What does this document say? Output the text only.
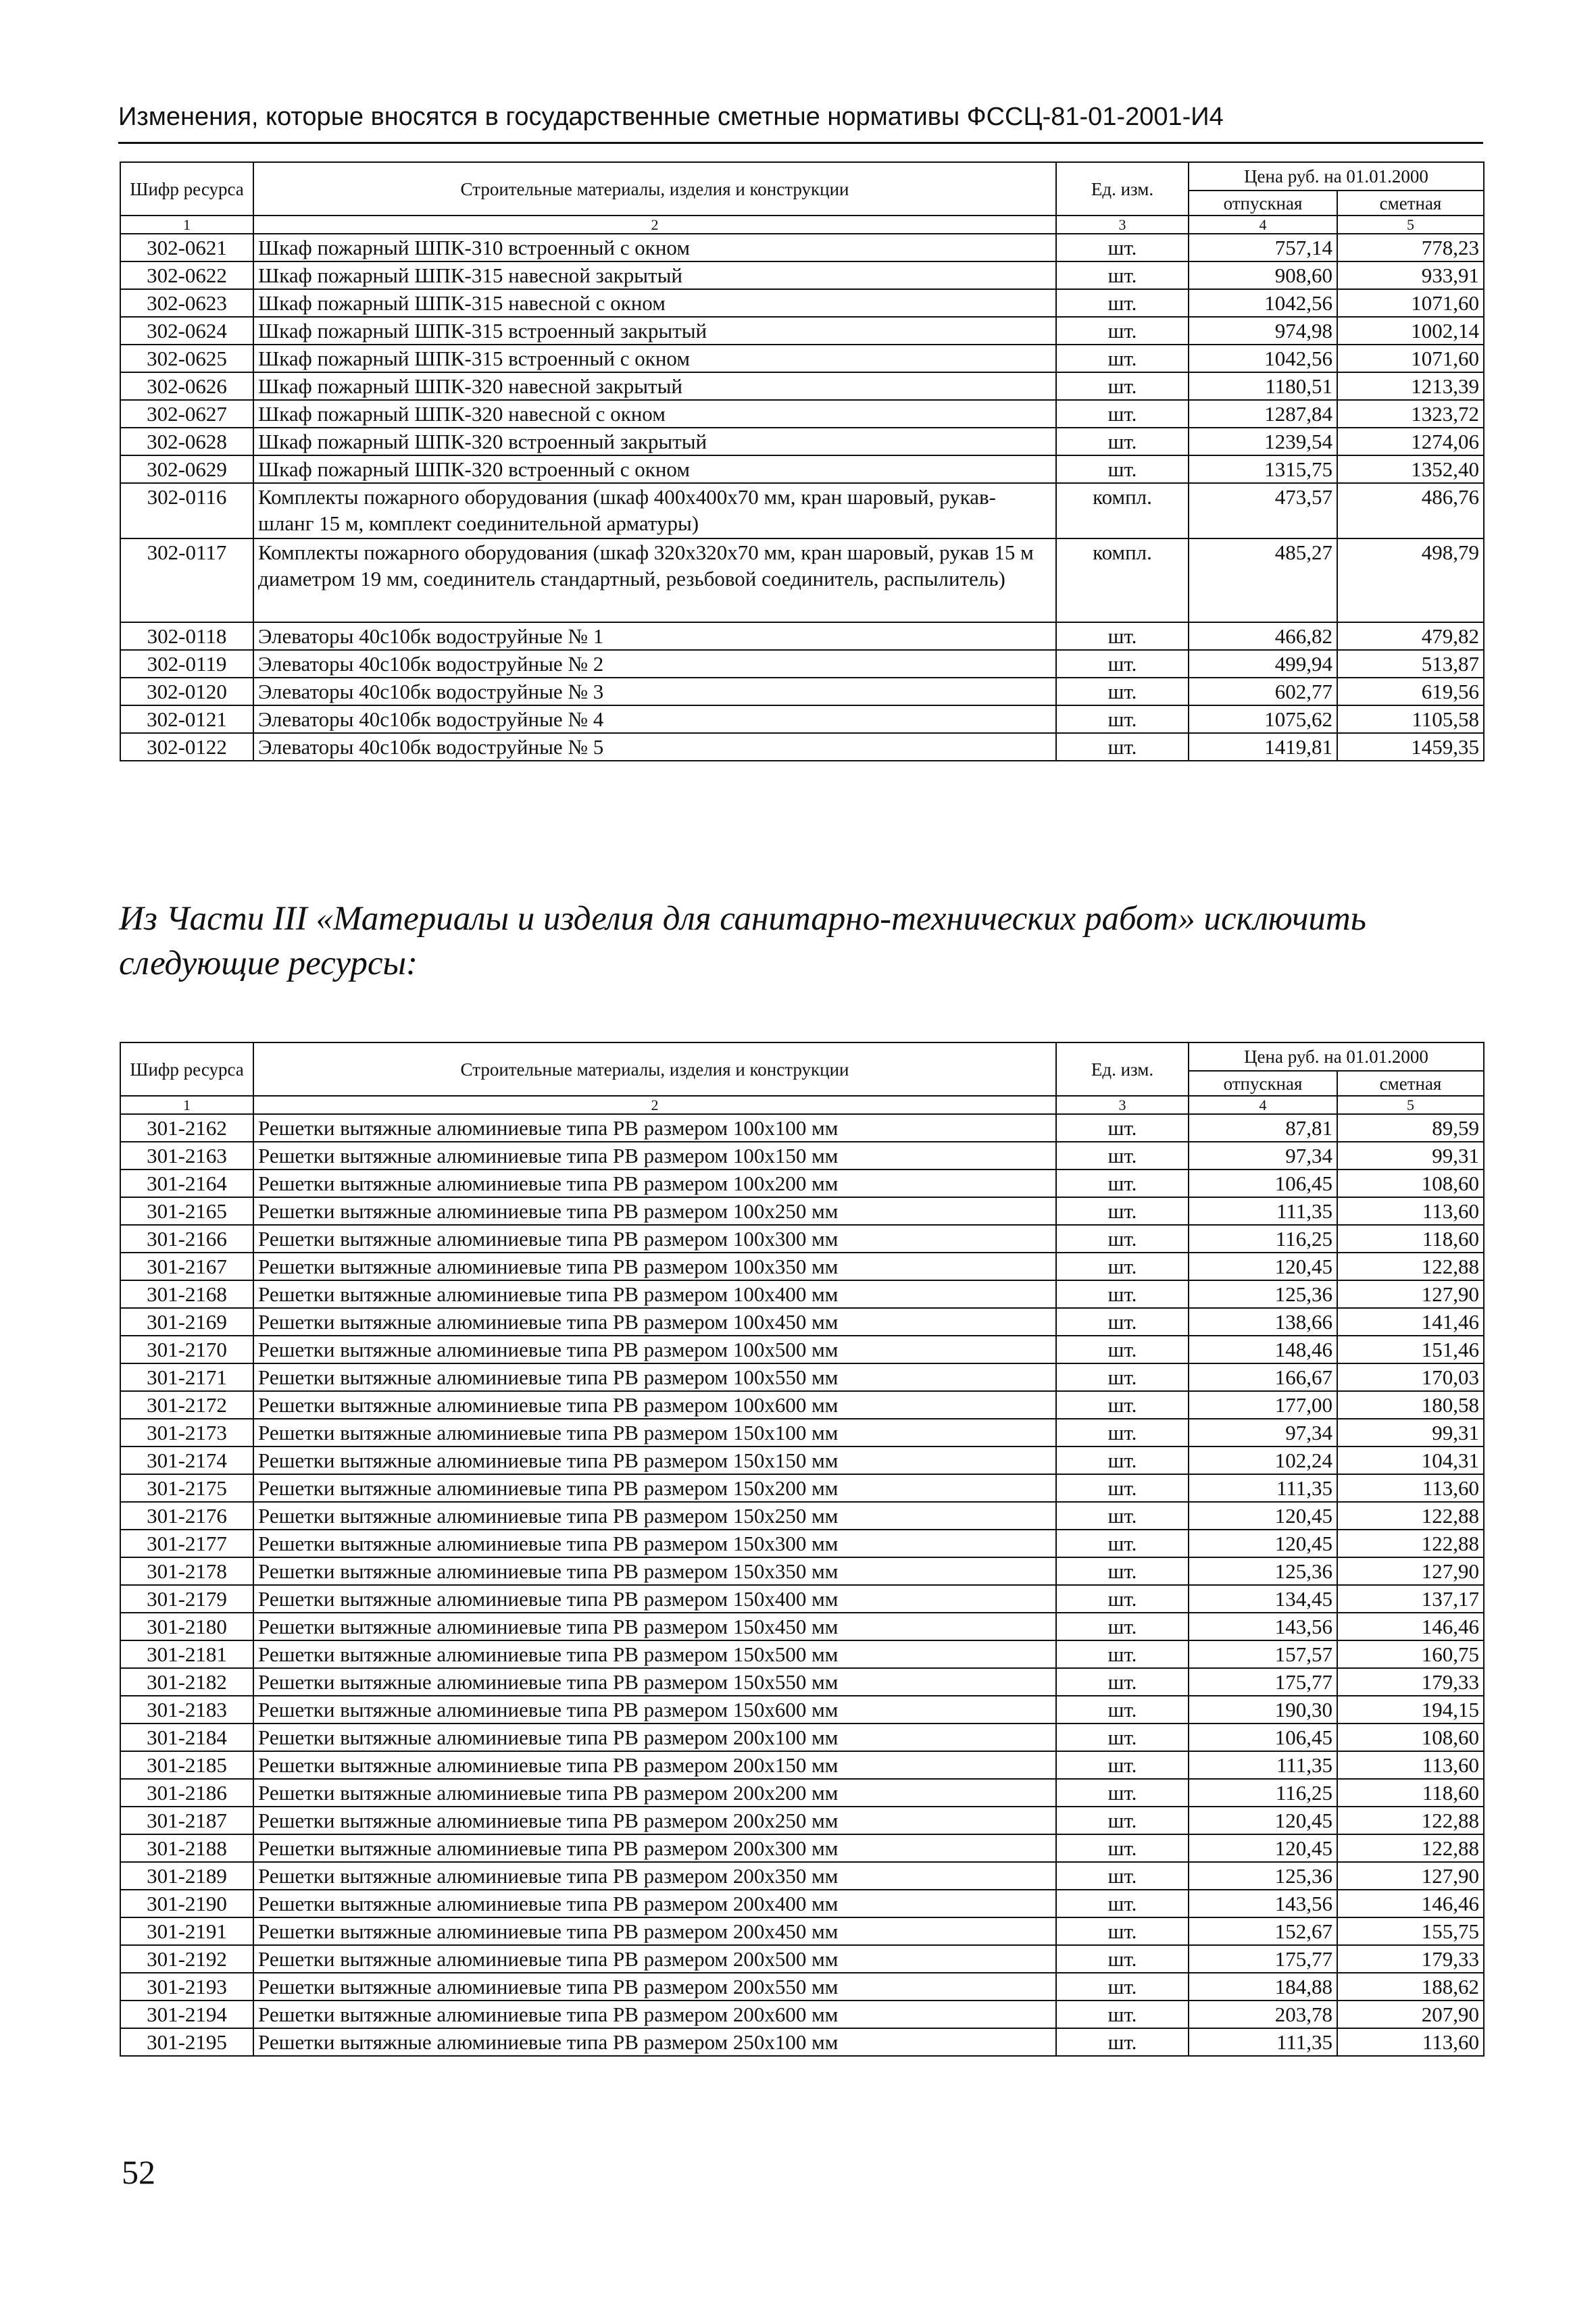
Изменения, которые вносятся в государственные сметные нормативы ФССЦ-81-01-2001-И4
Шифр ресурса	Строительные материалы, изделия и конструкции	Ед. изм.	Цена руб. на 01.01.2000	
			отпускная	сметная
1	2	3	4	5
302-0621	Шкаф пожарный ШПК-310 встроенный с окном	шт.	757,14	778,23
302-0622	Шкаф пожарный ШПК-315 навесной закрытый	шт.	908,60	933,91
302-0623	Шкаф пожарный ШПК-315 навесной с окном	шт.	1042,56	1071,60
302-0624	Шкаф пожарный ШПК-315 встроенный закрытый	шт.	974,98	1002,14
302-0625	Шкаф пожарный ШПК-315 встроенный с окном	шт.	1042,56	1071,60
302-0626	Шкаф пожарный ШПК-320 навесной закрытый	шт.	1180,51	1213,39
302-0627	Шкаф пожарный ШПК-320 навесной с окном	шт.	1287,84	1323,72
302-0628	Шкаф пожарный ШПК-320 встроенный закрытый	шт.	1239,54	1274,06
302-0629	Шкаф пожарный ШПК-320 встроенный с окном	шт.	1315,75	1352,40
302-0116	Комплекты пожарного оборудования (шкаф 400х400х70 мм, кран шаровый, рукав-шланг 15 м, комплект соединительной арматуры)	компл.	473,57	486,76
302-0117	Комплекты пожарного оборудования (шкаф 320х320х70 мм, кран шаровый, рукав 15 м диаметром 19 мм, соединитель стандартный, резьбовой соединитель, распылитель)	компл.	485,27	498,79
302-0118	Элеваторы 40с10бк водоструйные № 1	шт.	466,82	479,82
302-0119	Элеваторы 40с10бк водоструйные № 2	шт.	499,94	513,87
302-0120	Элеваторы 40с10бк водоструйные № 3	шт.	602,77	619,56
302-0121	Элеваторы 40с10бк водоструйные № 4	шт.	1075,62	1105,58
302-0122	Элеваторы 40с10бк водоструйные № 5	шт.	1419,81	1459,35
Из Части III «Материалы и изделия для санитарно-технических работ» исключить следующие ресурсы:
Шифр ресурса	Строительные материалы, изделия и конструкции	Ед. изм.	Цена руб. на 01.01.2000	
			отпускная	сметная
1	2	3	4	5
301-2162	Решетки вытяжные алюминиевые типа РВ размером 100x100 мм	шт.	87,81	89,59
301-2163	Решетки вытяжные алюминиевые типа РВ размером 100x150 мм	шт.	97,34	99,31
301-2164	Решетки вытяжные алюминиевые типа РВ размером 100x200 мм	шт.	106,45	108,60
301-2165	Решетки вытяжные алюминиевые типа РВ размером 100x250 мм	шт.	111,35	113,60
301-2166	Решетки вытяжные алюминиевые типа РВ размером 100x300 мм	шт.	116,25	118,60
301-2167	Решетки вытяжные алюминиевые типа РВ размером 100x350 мм	шт.	120,45	122,88
301-2168	Решетки вытяжные алюминиевые типа РВ размером 100x400 мм	шт.	125,36	127,90
301-2169	Решетки вытяжные алюминиевые типа РВ размером 100x450 мм	шт.	138,66	141,46
301-2170	Решетки вытяжные алюминиевые типа РВ размером 100x500 мм	шт.	148,46	151,46
301-2171	Решетки вытяжные алюминиевые типа РВ размером 100x550 мм	шт.	166,67	170,03
301-2172	Решетки вытяжные алюминиевые типа РВ размером 100x600 мм	шт.	177,00	180,58
301-2173	Решетки вытяжные алюминиевые типа РВ размером 150x100 мм	шт.	97,34	99,31
301-2174	Решетки вытяжные алюминиевые типа РВ размером 150x150 мм	шт.	102,24	104,31
301-2175	Решетки вытяжные алюминиевые типа РВ размером 150x200 мм	шт.	111,35	113,60
301-2176	Решетки вытяжные алюминиевые типа РВ размером 150x250 мм	шт.	120,45	122,88
301-2177	Решетки вытяжные алюминиевые типа РВ размером 150x300 мм	шт.	120,45	122,88
301-2178	Решетки вытяжные алюминиевые типа РВ размером 150x350 мм	шт.	125,36	127,90
301-2179	Решетки вытяжные алюминиевые типа РВ размером 150x400 мм	шт.	134,45	137,17
301-2180	Решетки вытяжные алюминиевые типа РВ размером 150x450 мм	шт.	143,56	146,46
301-2181	Решетки вытяжные алюминиевые типа РВ размером 150x500 мм	шт.	157,57	160,75
301-2182	Решетки вытяжные алюминиевые типа РВ размером 150x550 мм	шт.	175,77	179,33
301-2183	Решетки вытяжные алюминиевые типа РВ размером 150x600 мм	шт.	190,30	194,15
301-2184	Решетки вытяжные алюминиевые типа РВ размером 200x100 мм	шт.	106,45	108,60
301-2185	Решетки вытяжные алюминиевые типа РВ размером 200x150 мм	шт.	111,35	113,60
301-2186	Решетки вытяжные алюминиевые типа РВ размером 200x200 мм	шт.	116,25	118,60
301-2187	Решетки вытяжные алюминиевые типа РВ размером 200x250 мм	шт.	120,45	122,88
301-2188	Решетки вытяжные алюминиевые типа РВ размером 200x300 мм	шт.	120,45	122,88
301-2189	Решетки вытяжные алюминиевые типа РВ размером 200x350 мм	шт.	125,36	127,90
301-2190	Решетки вытяжные алюминиевые типа РВ размером 200x400 мм	шт.	143,56	146,46
301-2191	Решетки вытяжные алюминиевые типа РВ размером 200x450 мм	шт.	152,67	155,75
301-2192	Решетки вытяжные алюминиевые типа РВ размером 200x500 мм	шт.	175,77	179,33
301-2193	Решетки вытяжные алюминиевые типа РВ размером 200x550 мм	шт.	184,88	188,62
301-2194	Решетки вытяжные алюминиевые типа РВ размером 200x600 мм	шт.	203,78	207,90
301-2195	Решетки вытяжные алюминиевые типа РВ размером 250x100 мм	шт.	111,35	113,60
52
